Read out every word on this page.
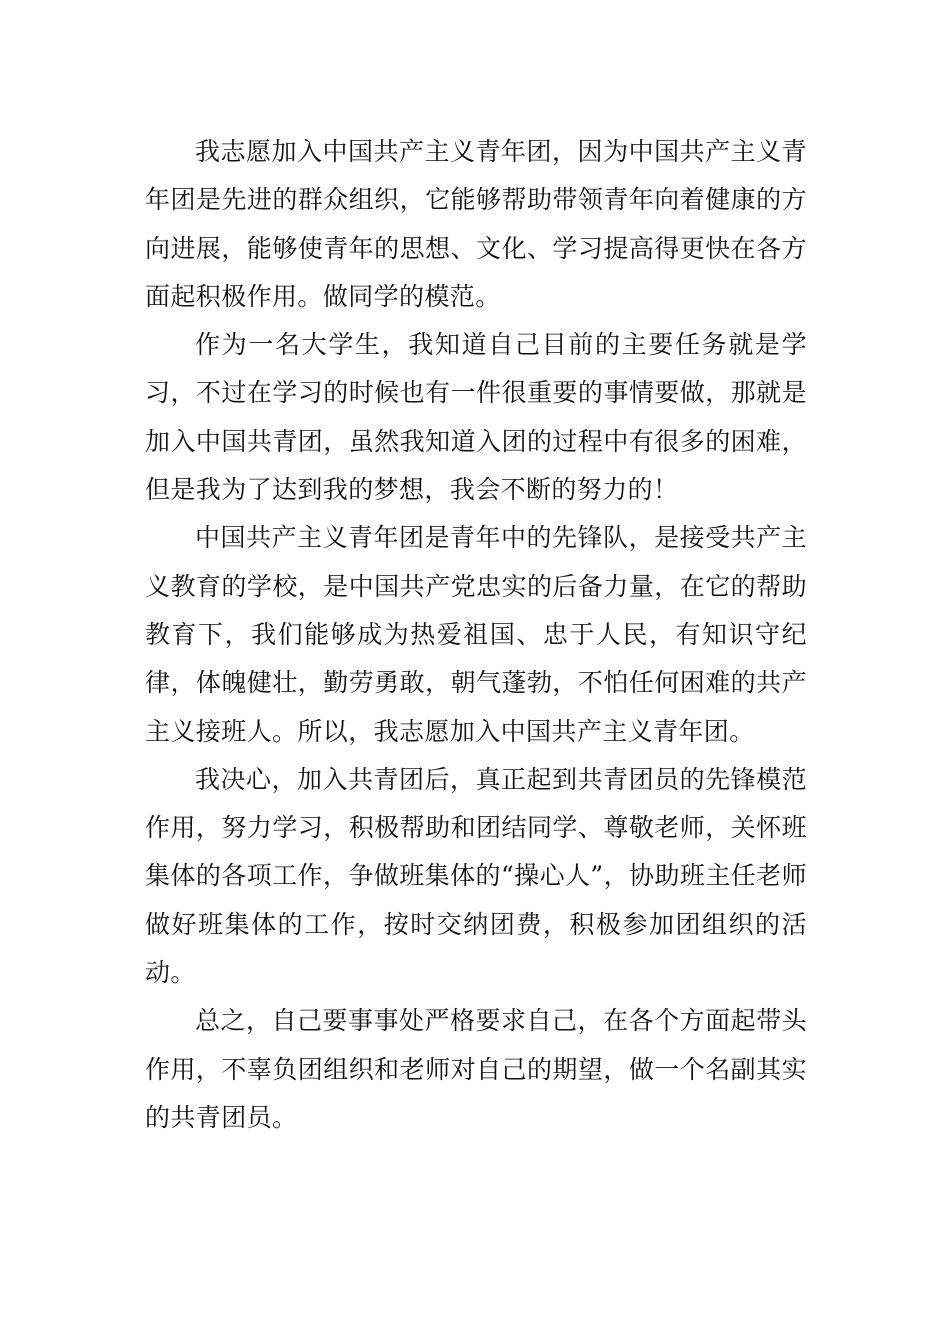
我志愿加入中国共产主义青年团，因为中国共产主义青年团是先进的群众组织，它能够帮助带领青年向着健康的方向进展，能够使青年的思想、文化、学习提高得更快在各方面起积极作用。做同学的模范。

作为一名大学生，我知道自己目前的主要任务就是学习，不过在学习的时候也有一件很重要的事情要做，那就是加入中国共青团，虽然我知道入团的过程中有很多的困难，但是我为了达到我的梦想，我会不断的努力的！

中国共产主义青年团是青年中的先锋队，是接受共产主义教育的学校，是中国共产党忠实的后备力量，在它的帮助教育下，我们能够成为热爱祖国、忠于人民，有知识守纪律，体魄健壮，勤劳勇敢，朝气蓬勃，不怕任何困难的共产主义接班人。所以，我志愿加入中国共产主义青年团。

我决心，加入共青团后，真正起到共青团员的先锋模范作用，努力学习，积极帮助和团结同学、尊敬老师，关怀班集体的各项工作，争做班集体的“操心人”，协助班主任老师做好班集体的工作，按时交纳团费，积极参加团组织的活动。

总之，自己要事事处严格要求自己，在各个方面起带头作用，不辜负团组织和老师对自己的期望，做一个名副其实的共青团员。
